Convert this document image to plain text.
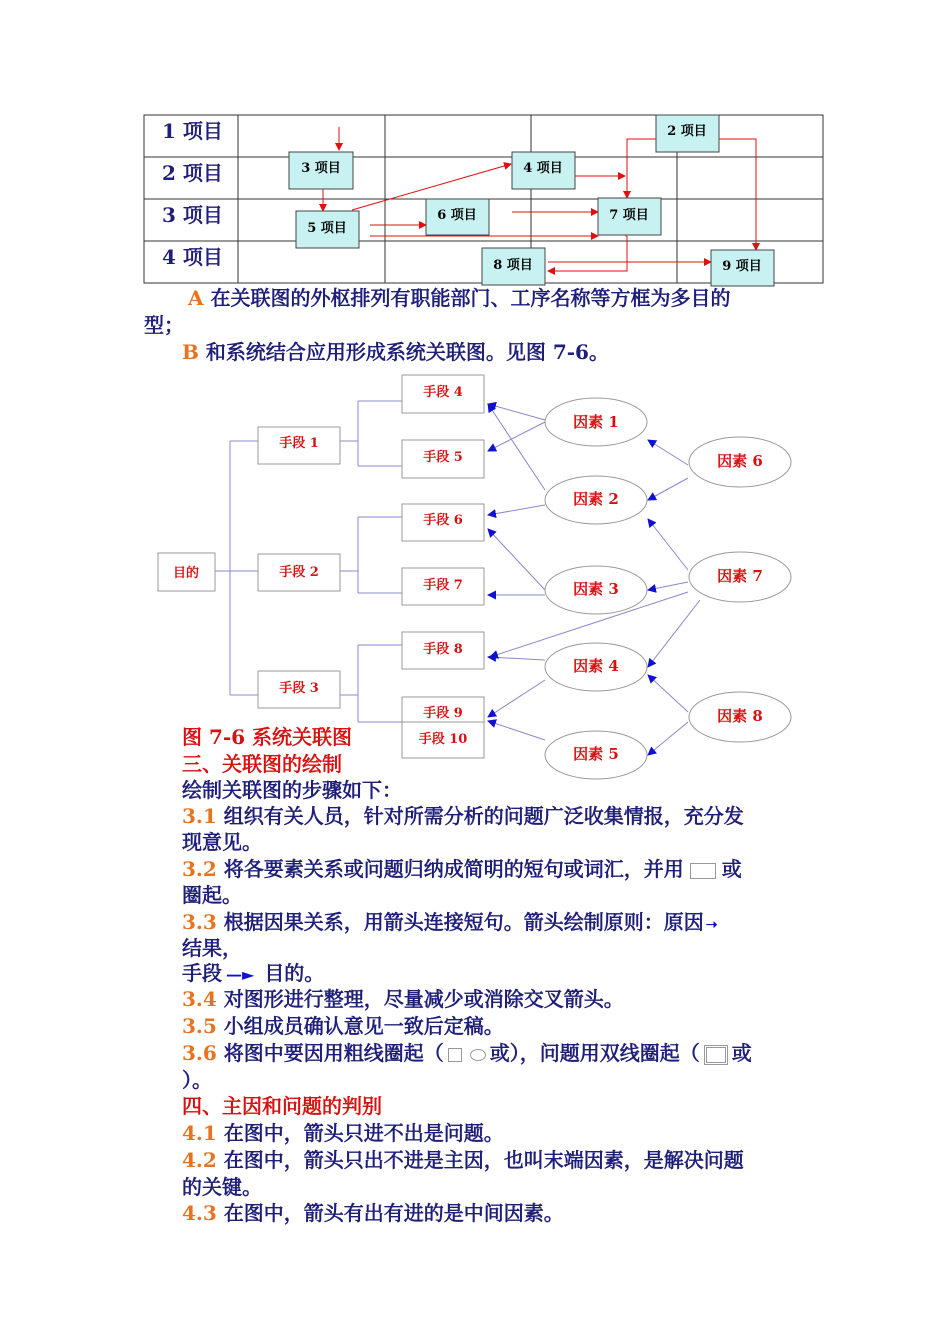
1 项目
2 项目
3 项目
4 项目
2 项目
3 项目	4 项目
5 项目
6 项目	7 项目
8 项目	9 项目
目的
手段 1
手段 2
手段 3
手段 4
手段 5
手段 6
手段 7
手段 8
手段 9
手段 10
因素 1
因素 2
因素 3
因素 4
因素 5
因素 6
因素 7
因素 8
A 在关联图的外枢排列有职能部门、工序名称等方框为多目的
型；
B 和系统结合应用形成系统关联图。见图 7-6。
图 7-6 系统关联图
三、关联图的绘制
绘制关联图的步骤如下：
3.1 组织有关人员，针对所需分析的问题广泛收集情报，充分发
现意见。
3.2 将各要素关系或问题归纳成简明的短句或词汇，并用 或
圈起。
3.3 根据因果关系，用箭头连接短句。箭头绘制原则：原因 ➝
结果，
手段 —► 目的。
3.4 对图形进行整理，尽量减少或消除交叉箭头。
3.5 小组成员确认意见一致后定稿。
3.6 将图中要因用粗线圈起（ 或），问题用双线圈起（ 或
）。
四、主因和问题的判别
4.1 在图中，箭头只进不出是问题。
4.2 在图中，箭头只出不进是主因，也叫末端因素，是解决问题
的关键。
4.3 在图中，箭头有出有进的是中间因素。
